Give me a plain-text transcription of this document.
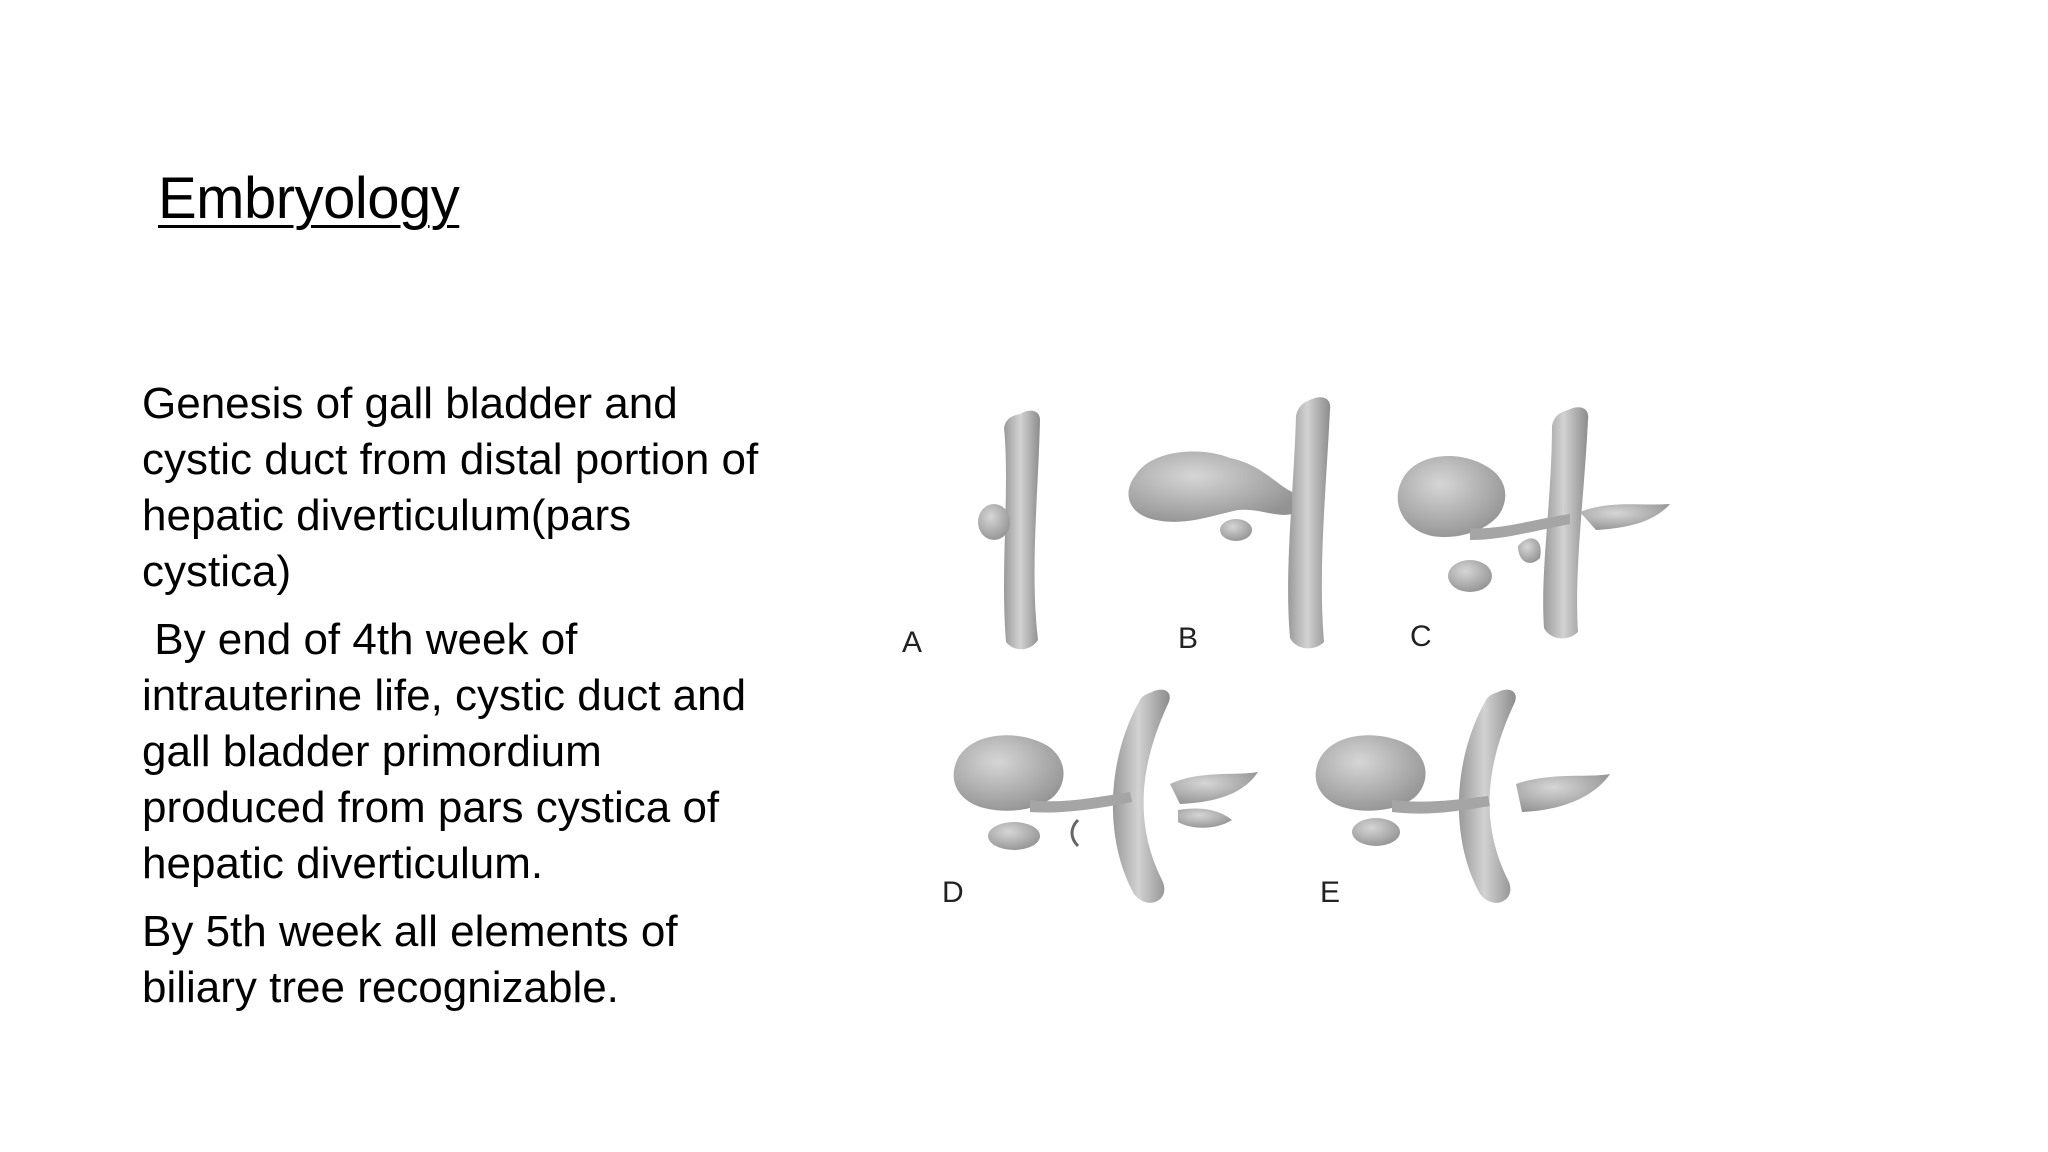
Embryology

Genesis of gall bladder and cystic duct from distal portion of hepatic diverticulum(pars cystica)

By end of 4th week of intrauterine life, cystic duct and gall bladder primordium produced from pars cystica of hepatic diverticulum.

By 5th week all elements of biliary tree recognizable.

A	B	C
D	E
